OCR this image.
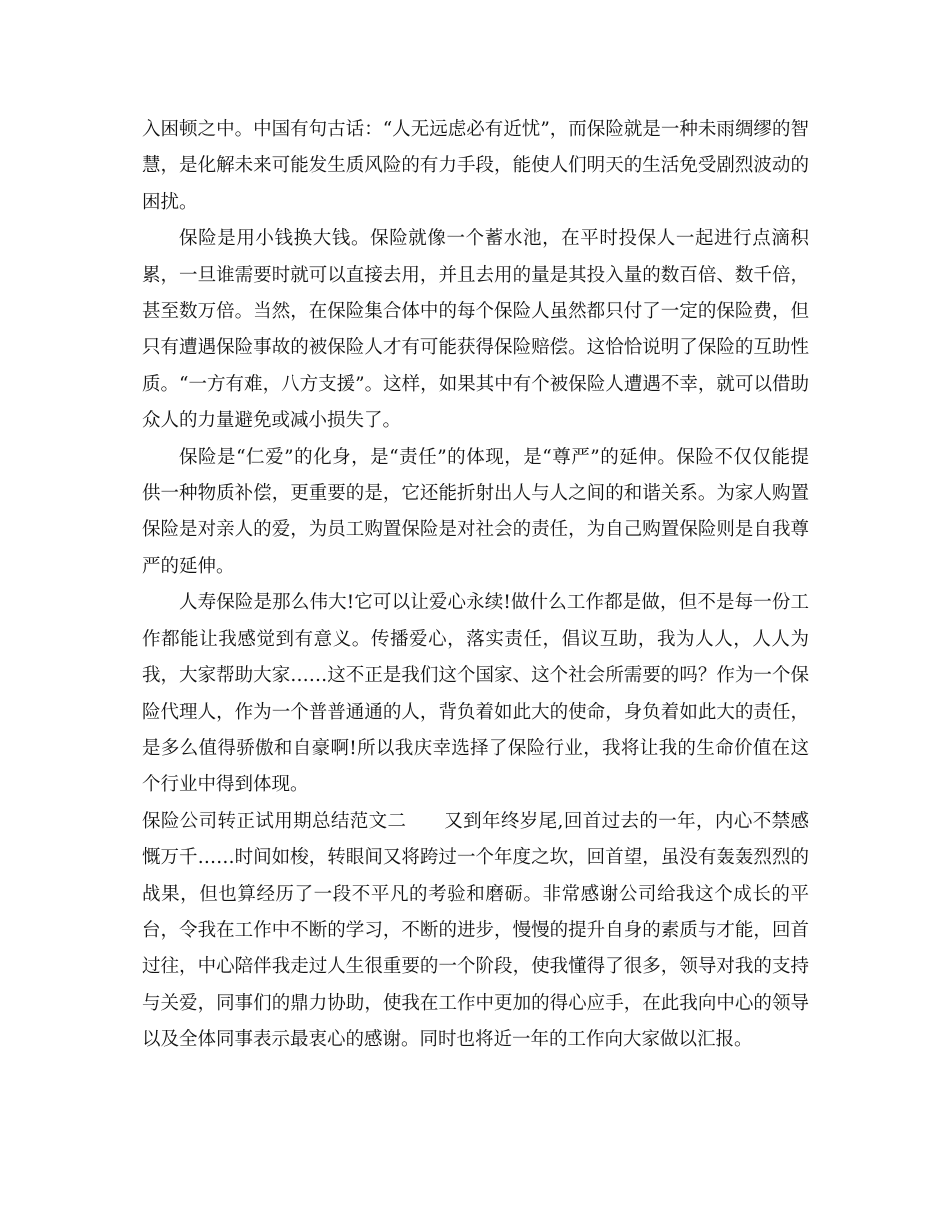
入困顿之中。中国有句古话：“人无远虑必有近忧”，而保险就是一种未雨绸缪的智慧，是化解未来可能发生质风险的有力手段，能使人们明天的生活免受剧烈波动的困扰。

保险是用小钱换大钱。保险就像一个蓄水池，在平时投保人一起进行点滴积累，一旦谁需要时就可以直接去用，并且去用的量是其投入量的数百倍、数千倍，甚至数万倍。当然，在保险集合体中的每个保险人虽然都只付了一定的保险费，但只有遭遇保险事故的被保险人才有可能获得保险赔偿。这恰恰说明了保险的互助性质。“一方有难，八方支援”。这样，如果其中有个被保险人遭遇不幸，就可以借助众人的力量避免或减小损失了。

保险是“仁爱”的化身，是“责任”的体现，是“尊严”的延伸。保险不仅仅能提供一种物质补偿，更重要的是，它还能折射出人与人之间的和谐关系。为家人购置保险是对亲人的爱，为员工购置保险是对社会的责任，为自己购置保险则是自我尊严的延伸。

人寿保险是那么伟大!它可以让爱心永续!做什么工作都是做，但不是每一份工作都能让我感觉到有意义。传播爱心，落实责任，倡议互助，我为人人，人人为我，大家帮助大家……这不正是我们这个国家、这个社会所需要的吗？作为一个保险代理人，作为一个普普通通的人，背负着如此大的使命，身负着如此大的责任，是多么值得骄傲和自豪啊!所以我庆幸选择了保险行业，我将让我的生命价值在这个行业中得到体现。

保险公司转正试用期总结范文二　　又到年终岁尾,回首过去的一年，内心不禁感慨万千……时间如梭，转眼间又将跨过一个年度之坎，回首望，虽没有轰轰烈烈的战果，但也算经历了一段不平凡的考验和磨砺。非常感谢公司给我这个成长的平台，令我在工作中不断的学习，不断的进步，慢慢的提升自身的素质与才能，回首过往，中心陪伴我走过人生很重要的一个阶段，使我懂得了很多，领导对我的支持与关爱，同事们的鼎力协助，使我在工作中更加的得心应手，在此我向中心的领导以及全体同事表示最衷心的感谢。同时也将近一年的工作向大家做以汇报。
